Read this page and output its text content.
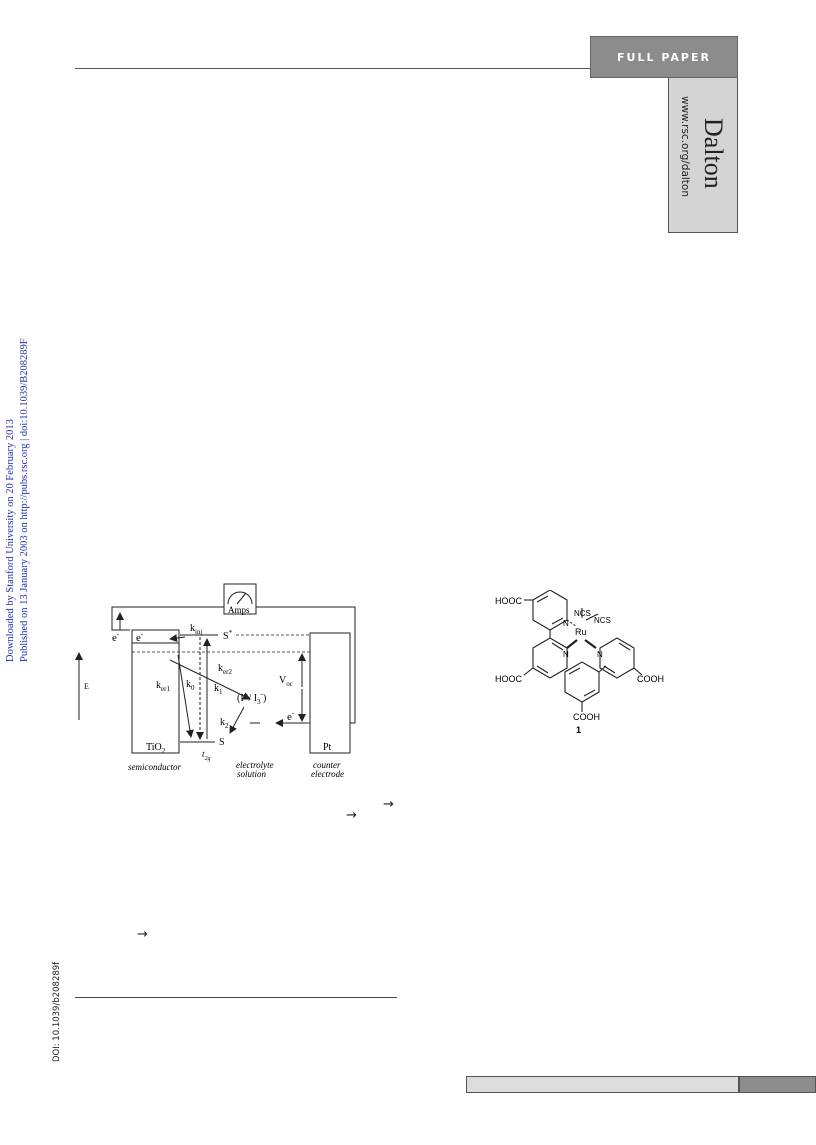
FULL PAPER
Dalton
www.rsc.org/dalton
Downloaded by Stanford University on 20 February 2013 Published on 13 January 2003 on http://pubs.rsc.org | doi:10.1039/B208289F
DOI: 10.1039/b208289f
Amps
e-
E
TiO$_2$
e-	$k_{inj}$ S*
S
$t_{2g}$
$k_0$ $k_1$
$k_{er1}$
$k_{er2}$
$k_2$
$(I^- / I_3^-)$
e-
$V_{oc}$
Pt
semiconductor	electrolyte
solution
counter
electrode
→
→
→
HOOC
NCS
NCS
Ru
N
N	N
HOOC	COOH
COOH
1
